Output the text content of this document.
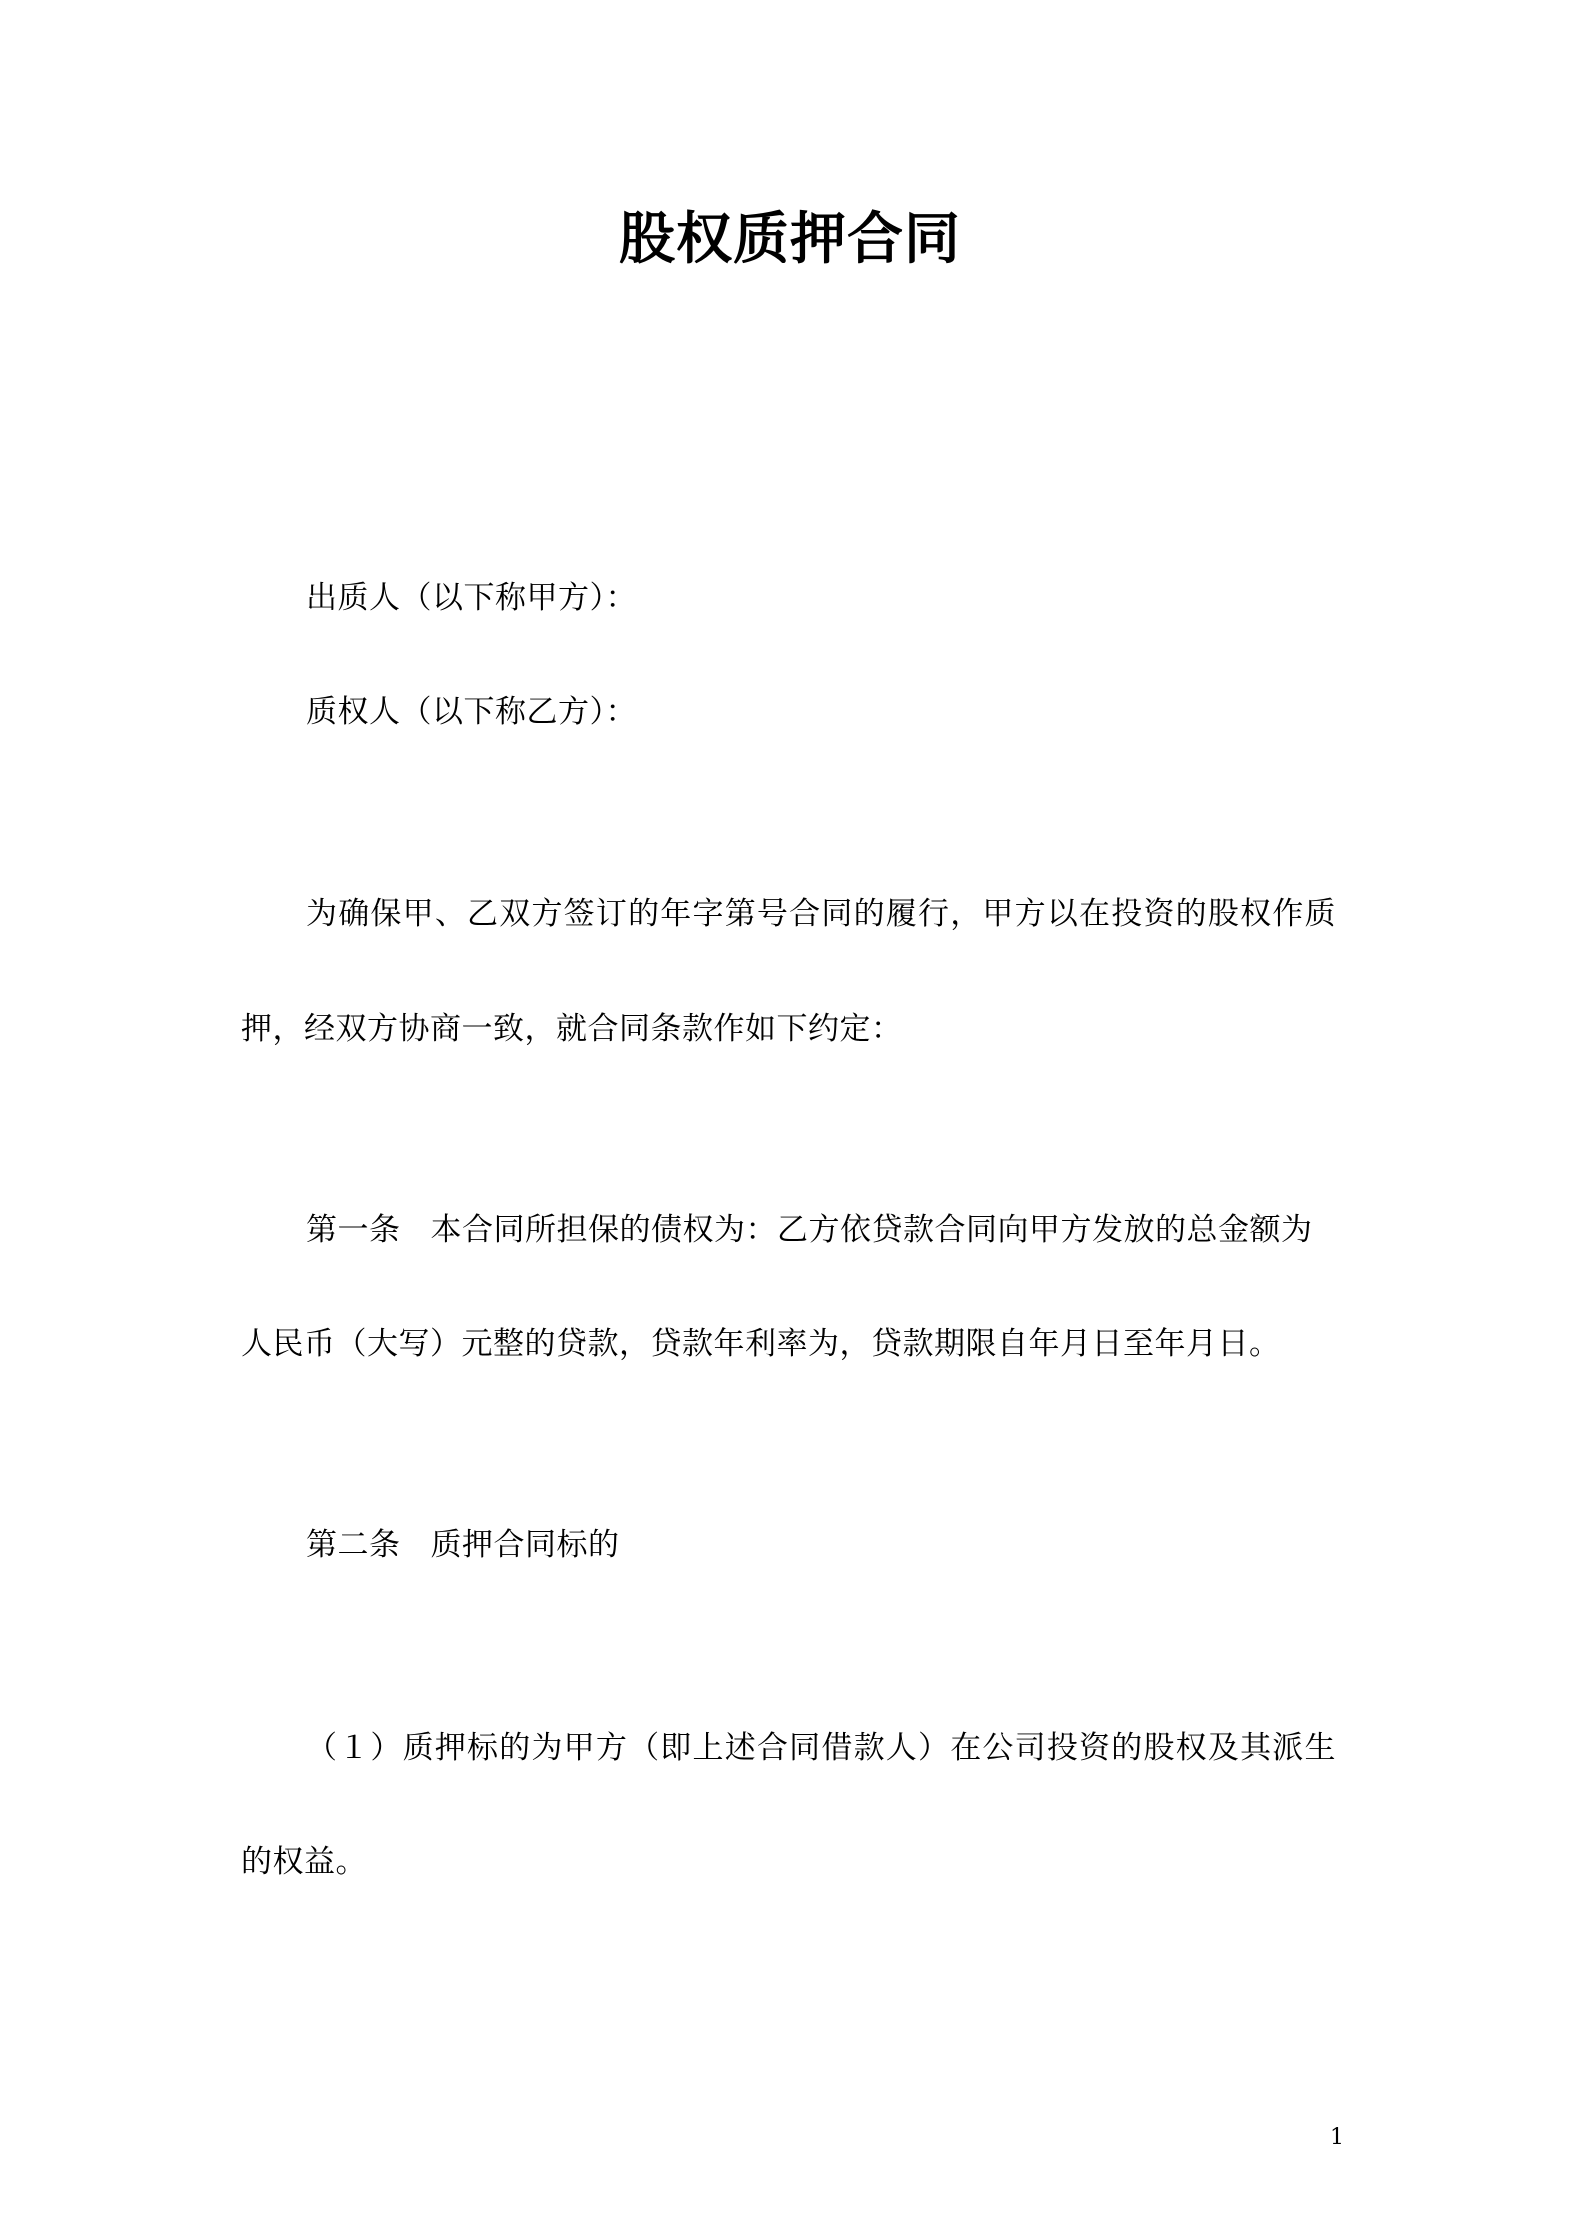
股权质押合同
出质人（以下称甲方）：
质权人（以下称乙方）：
为确保甲、乙双方签订的年字第号合同的履行，甲方以在投资的股权作质
押，经双方协商一致，就合同条款作如下约定：
第一条 本合同所担保的债权为：乙方依贷款合同向甲方发放的总金额为
人民币（大写）元整的贷款，贷款年利率为，贷款期限自年月日至年月日。
第二条 质押合同标的
（１）质押标的为甲方（即上述合同借款人）在公司投资的股权及其派生
的权益。
1
